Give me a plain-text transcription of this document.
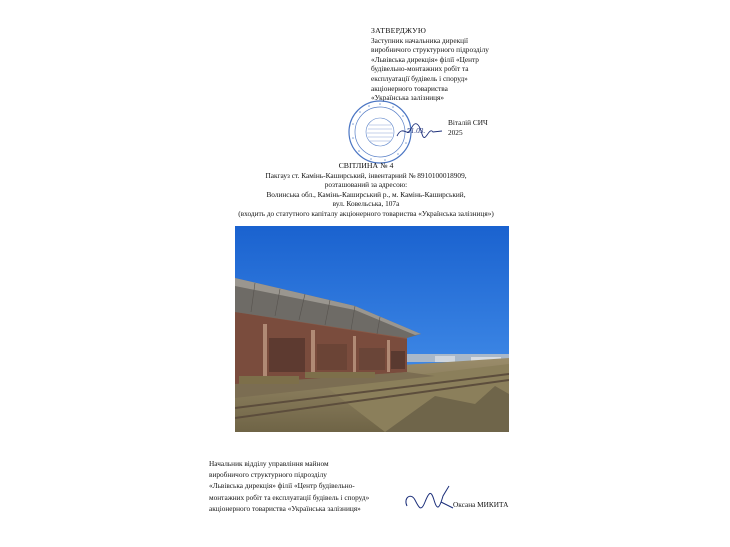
ЗАТВЕРДЖУЮ
Заступник начальника дирекції
виробничого структурного підрозділу
«Львівська дирекція» філії «Центр
будівельно-монтажних робіт та
експлуатації будівель і споруд»
акціонерного товариства
«Українська залізниця»
21.03.
Віталій СИЧ
2025
СВІТЛИНА № 4
Пакгауз ст. Камінь-Каширський, інвентарний № 8910100018909,
розташований за адресою:
Волинська обл., Камінь-Каширський р., м. Камінь-Каширський,
вул. Ковельська, 107а
(входить до статутного капіталу акціонерного товариства «Українська залізниця»)
Начальник відділу управління майном
виробничого структурного підрозділу
«Львівська дирекція» філії «Центр будівельно-
монтажних робіт та експлуатації будівель і споруд»
акціонерного товариства «Українська залізниця»	Оксана МИКИТА
